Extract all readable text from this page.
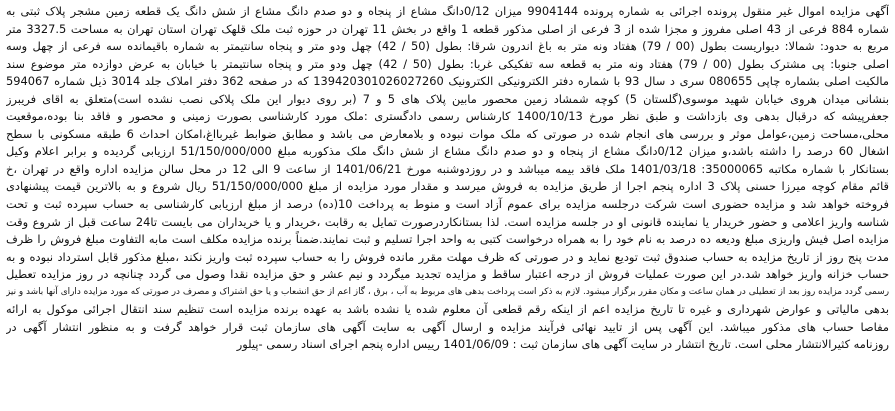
آگهی مزایده اموال غیر منقول پرونده اجرائی به شماره پرونده 9904144 میزان 0/12دانگ مشاع از پنجاه و دو صدم دانگ مشاع از شش دانگ یک قطعه زمین مشجر پلاک ثبتی به
شماره 884 فرعی از 43 اصلی مفروز و مجزا شده از 3 فرعی از اصلی مذکور قطعه 1 واقع در بخش 11 تهران در حوزه ثبت ملک قلهک تهران استان تهران به مساحت 3327.5 متر
مربع به حدود: شمالا: دیواریست بطول (00 / 79) هفتاد ونه متر به باغ اندرون شرقا: بطول (50 / 42) چهل ودو متر و پنجاه سانتیمتر به شماره باقیمانده سه فرعی از چهل وسه
اصلی جنوبا: پی مشترک بطول (00 / 79) هفتاد ونه متر به قطعه سه تفکیکی غربا: بطول (50 / 42) چهل ودو متر و پنجاه سانتیمتر با خیابان به عرض دوازده متر موضوع سند
مالکیت اصلی بشماره چاپی 080655 سری د سال 93 با شماره دفتر الکترونیکی الکترونیک 139420301026027260 که در صفحه 362 دفتر املاک جلد 3014 ذیل شماره 594067
بنشانی میدان هروی خیابان شهید موسوی(گلستان 5) کوچه شمشاد زمین محصور مابین پلاک های 5 و 7 (بر روی دیوار این ملک پلاکی نصب نشده است)متعلق به اقای فریبرز
جعفرپیشه که درقبال بدهی وی بازداشت و طبق نظر مورخ 1400/10/13 کارشناس رسمی دادگستری :ملک مورد کارشناسی بصورت زمینی و محصور و فاقد بنا بوده،موقعیت
محلی،مساحت زمین،عوامل موثر و بررسی های انجام شده در صورتی که ملک موات نبوده و بلامعارض می باشد و مطابق ضوابط غیربااغ،امکان احداث 6 طبقه مسکونی با سطح
اشغال 60 درصد را داشته باشد،و میزان 0/12دانگ مشاع از پنجاه و دو صدم دانگ مشاع از شش دانگ ملک مذکوربه مبلغ 51/150/000/000 ارزیابی گردیده و برابر اعلام وکیل
بستانکار با شماره مکاتبه 35000065: 1401/03/18 ملک فاقد بیمه میباشد و در روزدوشنبه مورخ 1401/06/21 از ساعت 9 الی 12 در محل سالن مزایده اداره واقع در تهران ،خ
قائم مقام کوچه میرزا حسنی پلاک 3 اداره پنجم اجرا از طریق مزایده به فروش میرسد و مقدار مورد مزایده از مبلغ 51/150/000/000 ریال شروع و به بالاترین قیمت پیشنهادی
فروخته خواهد شد و مزایده حضوری است شرکت درجلسه مزایده برای عموم آزاد است و منوط به پرداخت 10(ده) درصد از مبلغ ارزیابی کارشناسی به حساب سپرده ثبت و تحت
شناسه واریز اعلامی و حضور خریدار یا نماینده قانونی او در جلسه مزایده است. لذا بستانکاردرصورت تمایل به رقابت ،خریدار و یا خریداران می بایست تا24 ساعت قبل از شروع وقت
مزایده اصل فیش واریزی مبلغ ودیعه ده درصد به نام خود را به همراه درخواست کتبی به واحد اجرا تسلیم و ثبت نمایند.ضمناً برنده مزایده مکلف است مابه التفاوت مبلغ فروش را ظرف
مدت پنج روز از تاریخ مزایده به حساب صندوق ثبت تودیع نماید و در صورتی که ظرف مهلت مقرر مانده فروش را به حساب سپرده ثبت واریز نکند ،مبلغ مذکور قابل استرداد نبوده و به
حساب خزانه واریز خواهد شد.در این صورت عملیات فروش از درجه اعتبار ساقط و مزایده تجدید میگردد و نیم عشر و حق مزایده نقدا وصول می گردد چنانچه در روز مزایده تعطیل
رسمی گردد مزایده روز بعد از تعطیلی در همان ساعت و مکان مقرر برگزار میشود. لازم به ذکر است پرداخت بدهی های مربوط به آب ، برق ، گاز اعم از حق انشعاب و یا حق اشتراک و مصرف در صورتی که مورد مزایده دارای آنها باشد و نیز
بدهی مالیاتی و عوارض شهرداری و غیره تا تاریخ مزایده اعم از اینکه رقم قطعی آن معلوم شده یا نشده باشد به عهده برنده مزایده است تنظیم سند انتقال اجرائی موکول به ارائه
مفاصا حساب های مذکور میباشد. این آگهی پس از تایید نهائی فرآیند مزایده و ارسال آگهی به سایت آگهی های سازمان ثبت قرار خواهد گرفت و به منظور انتشار آگهی در
روزنامه کثیرالانتشار محلی است. تاریخ انتشار در سایت آگهی های سازمان ثبت : 1401/06/09 رییس اداره پنجم اجرای اسناد رسمی -پیلور
